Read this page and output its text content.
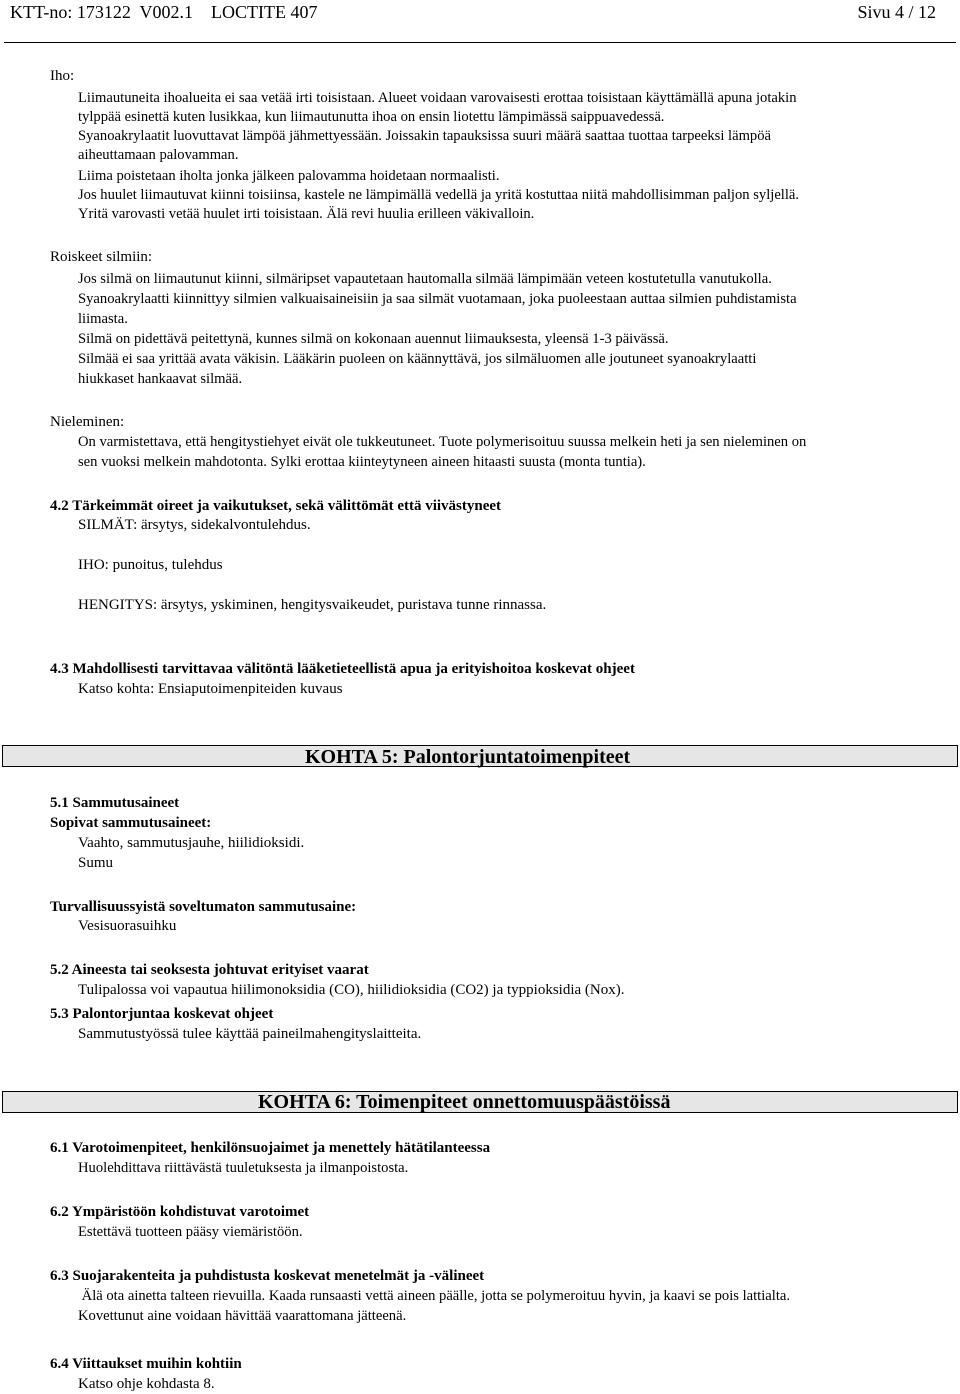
KTT-no: 173122  V002.1    LOCTITE 407	Sivu 4 / 12
Iho:
Liimautuneita ihoalueita ei saa vetää irti toisistaan. Alueet voidaan varovaisesti erottaa toisistaan käyttämällä apuna jotakin
tylppää esinettä kuten lusikkaa, kun liimautunutta ihoa on ensin liotettu lämpimässä saippuavedessä.
Syanoakrylaatit luovuttavat lämpöä jähmettyessään. Joissakin tapauksissa suuri määrä saattaa tuottaa tarpeeksi lämpöä
aiheuttamaan palovamman.
Liima poistetaan iholta jonka jälkeen palovamma hoidetaan normaalisti.
Jos huulet liimautuvat kiinni toisiinsa, kastele ne lämpimällä vedellä ja yritä kostuttaa niitä mahdollisimman paljon syljellä.
Yritä varovasti vetää huulet irti toisistaan. Älä revi huulia erilleen väkivalloin.
Roiskeet silmiin:
Jos silmä on liimautunut kiinni, silmäripset vapautetaan hautomalla silmää lämpimään veteen kostutetulla vanutukolla.
Syanoakrylaatti kiinnittyy silmien valkuaisaineisiin ja saa silmät vuotamaan, joka puoleestaan auttaa silmien puhdistamista
liimasta.
Silmä on pidettävä peitettynä, kunnes silmä on kokonaan auennut liimauksesta, yleensä 1-3 päivässä.
Silmää ei saa yrittää avata väkisin. Lääkärin puoleen on käännyttävä, jos silmäluomen alle joutuneet syanoakrylaatti
hiukkaset hankaavat silmää.
Nieleminen:
On varmistettava, että hengitystiehyet eivät ole tukkeutuneet. Tuote polymerisoituu suussa melkein heti ja sen nieleminen on
sen vuoksi melkein mahdotonta. Sylki erottaa kiinteytyneen aineen hitaasti suusta (monta tuntia).
4.2 Tärkeimmät oireet ja vaikutukset, sekä välittömät että viivästyneet
SILMÄT: ärsytys, sidekalvontulehdus.
IHO: punoitus, tulehdus
HENGITYS: ärsytys, yskiminen, hengitysvaikeudet, puristava tunne rinnassa.
4.3 Mahdollisesti tarvittavaa välitöntä lääketieteellistä apua ja erityishoitoa koskevat ohjeet
Katso kohta: Ensiaputoimenpiteiden kuvaus
KOHTA 5: Palontorjuntatoimenpiteet
5.1 Sammutusaineet
Sopivat sammutusaineet:
Vaahto, sammutusjauhe, hiilidioksidi.
Sumu
Turvallisuussyistä soveltumaton sammutusaine:
Vesisuorasuihku
5.2 Aineesta tai seoksesta johtuvat erityiset vaarat
Tulipalossa voi vapautua hiilimonoksidia (CO), hiilidioksidia (CO2) ja typpioksidia (Nox).
5.3 Palontorjuntaa koskevat ohjeet
Sammutustyössä tulee käyttää paineilmahengityslaitteita.
KOHTA 6: Toimenpiteet onnettomuuspäästöissä
6.1 Varotoimenpiteet, henkilönsuojaimet ja menettely hätätilanteessa
Huolehdittava riittävästä tuuletuksesta ja ilmanpoistosta.
6.2 Ympäristöön kohdistuvat varotoimet
Estettävä tuotteen pääsy viemäristöön.
6.3 Suojarakenteita ja puhdistusta koskevat menetelmät ja -välineet
Älä ota ainetta talteen rievuilla. Kaada runsaasti vettä aineen päälle, jotta se polymeroituu hyvin, ja kaavi se pois lattialta.
Kovettunut aine voidaan hävittää vaarattomana jätteenä.
6.4 Viittaukset muihin kohtiin
Katso ohje kohdasta 8.
